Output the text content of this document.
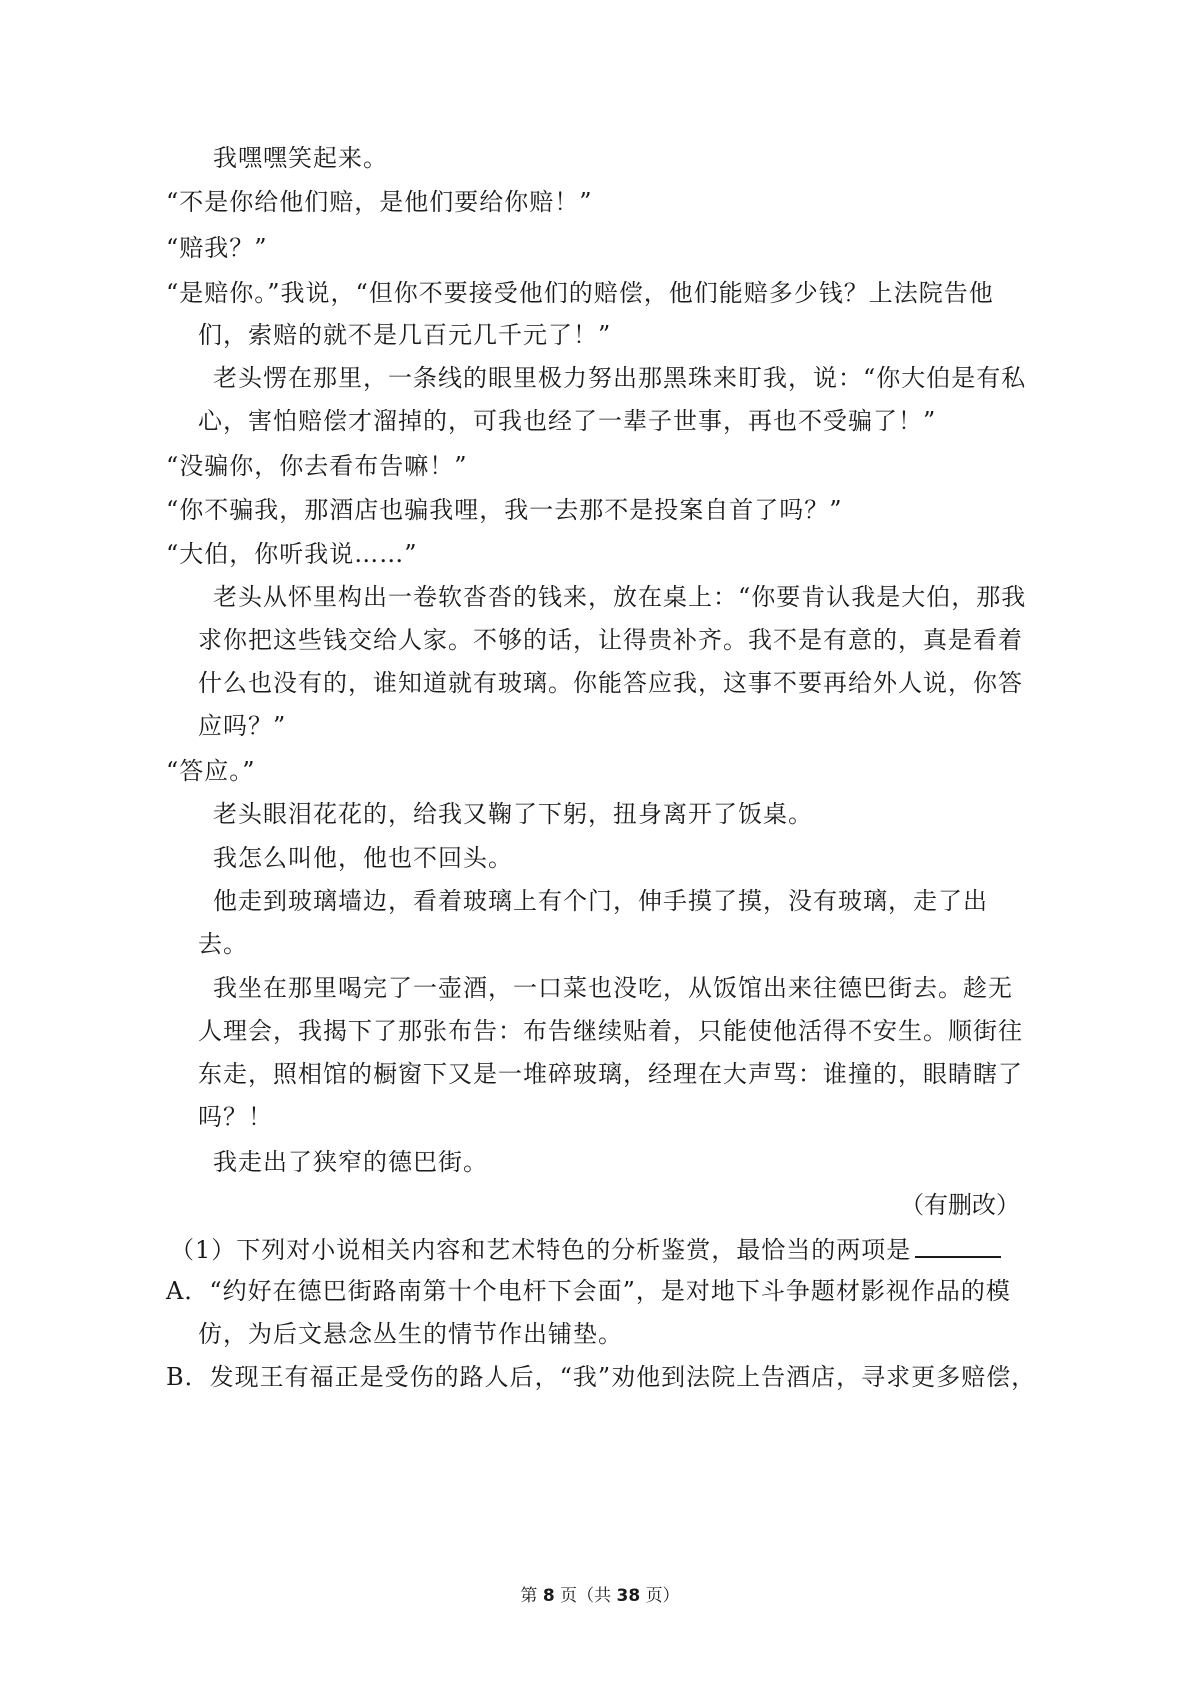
我嘿嘿笑起来。
“不是你给他们赔，是他们要给你赔！”
“赔我？”
“是赔你。”我说，“但你不要接受他们的赔偿，他们能赔多少钱？上法院告他
们，索赔的就不是几百元几千元了！”
老头愣在那里，一条线的眼里极力努出那黑珠来盯我，说：“你大伯是有私
心，害怕赔偿才溜掉的，可我也经了一辈子世事，再也不受骗了！”
“没骗你，你去看布告嘛！”
“你不骗我，那酒店也骗我哩，我一去那不是投案自首了吗？”
“大伯，你听我说……”
老头从怀里构出一卷软沓沓的钱来，放在桌上：“你要肯认我是大伯，那我
求你把这些钱交给人家。不够的话，让得贵补齐。我不是有意的，真是看着
什么也没有的，谁知道就有玻璃。你能答应我，这事不要再给外人说，你答
应吗？”
“答应。”
老头眼泪花花的，给我又鞠了下躬，扭身离开了饭桌。
我怎么叫他，他也不回头。
他走到玻璃墙边，看着玻璃上有个门，伸手摸了摸，没有玻璃，走了出
去。
我坐在那里喝完了一壶酒，一口菜也没吃，从饭馆出来往德巴街去。趁无
人理会，我揭下了那张布告：布告继续贴着，只能使他活得不安生。顺街往
东走，照相馆的橱窗下又是一堆碎玻璃，经理在大声骂：谁撞的，眼睛瞎了
吗？！
我走出了狭窄的德巴街。
（有删改）
（1）下列对小说相关内容和艺术特色的分析鉴赏，最恰当的两项是
A．“约好在德巴街路南第十个电杆下会面”，是对地下斗争题材影视作品的模
仿，为后文悬念丛生的情节作出铺垫。
B．发现王有福正是受伤的路人后，“我”劝他到法院上告酒店，寻求更多赔偿，
第 8 页（共 38 页）
